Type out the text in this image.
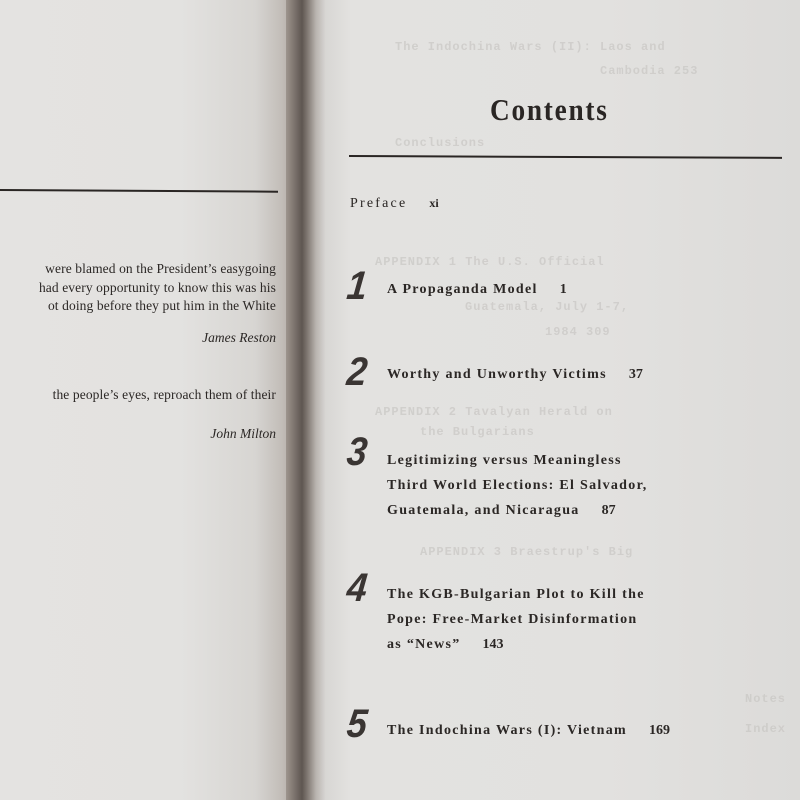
were blamed on the President’s easygoing

had every opportunity to know this was his

ot doing before they put him in the White

James Reston

the people’s eyes, reproach them of their

John Milton
The Indochina Wars (II): Laos and
Cambodia 253
Conclusions
APPENDIX 1 The U.S. Official
Guatemala, July 1-7,
1984 309
APPENDIX 2 Tavalyan Herald on
the Bulgarians
APPENDIX 3 Braestrup's Big
Notes
Index
Contents
Preface xi
1 A Propaganda Model 1
2 Worthy and Unworthy Victims 37
3 Legitimizing versus Meaningless
Third World Elections: El Salvador,
Guatemala, and Nicaragua 87
4 The KGB-Bulgarian Plot to Kill the
Pope: Free-Market Disinformation
as “News” 143
5 The Indochina Wars (I): Vietnam 169
